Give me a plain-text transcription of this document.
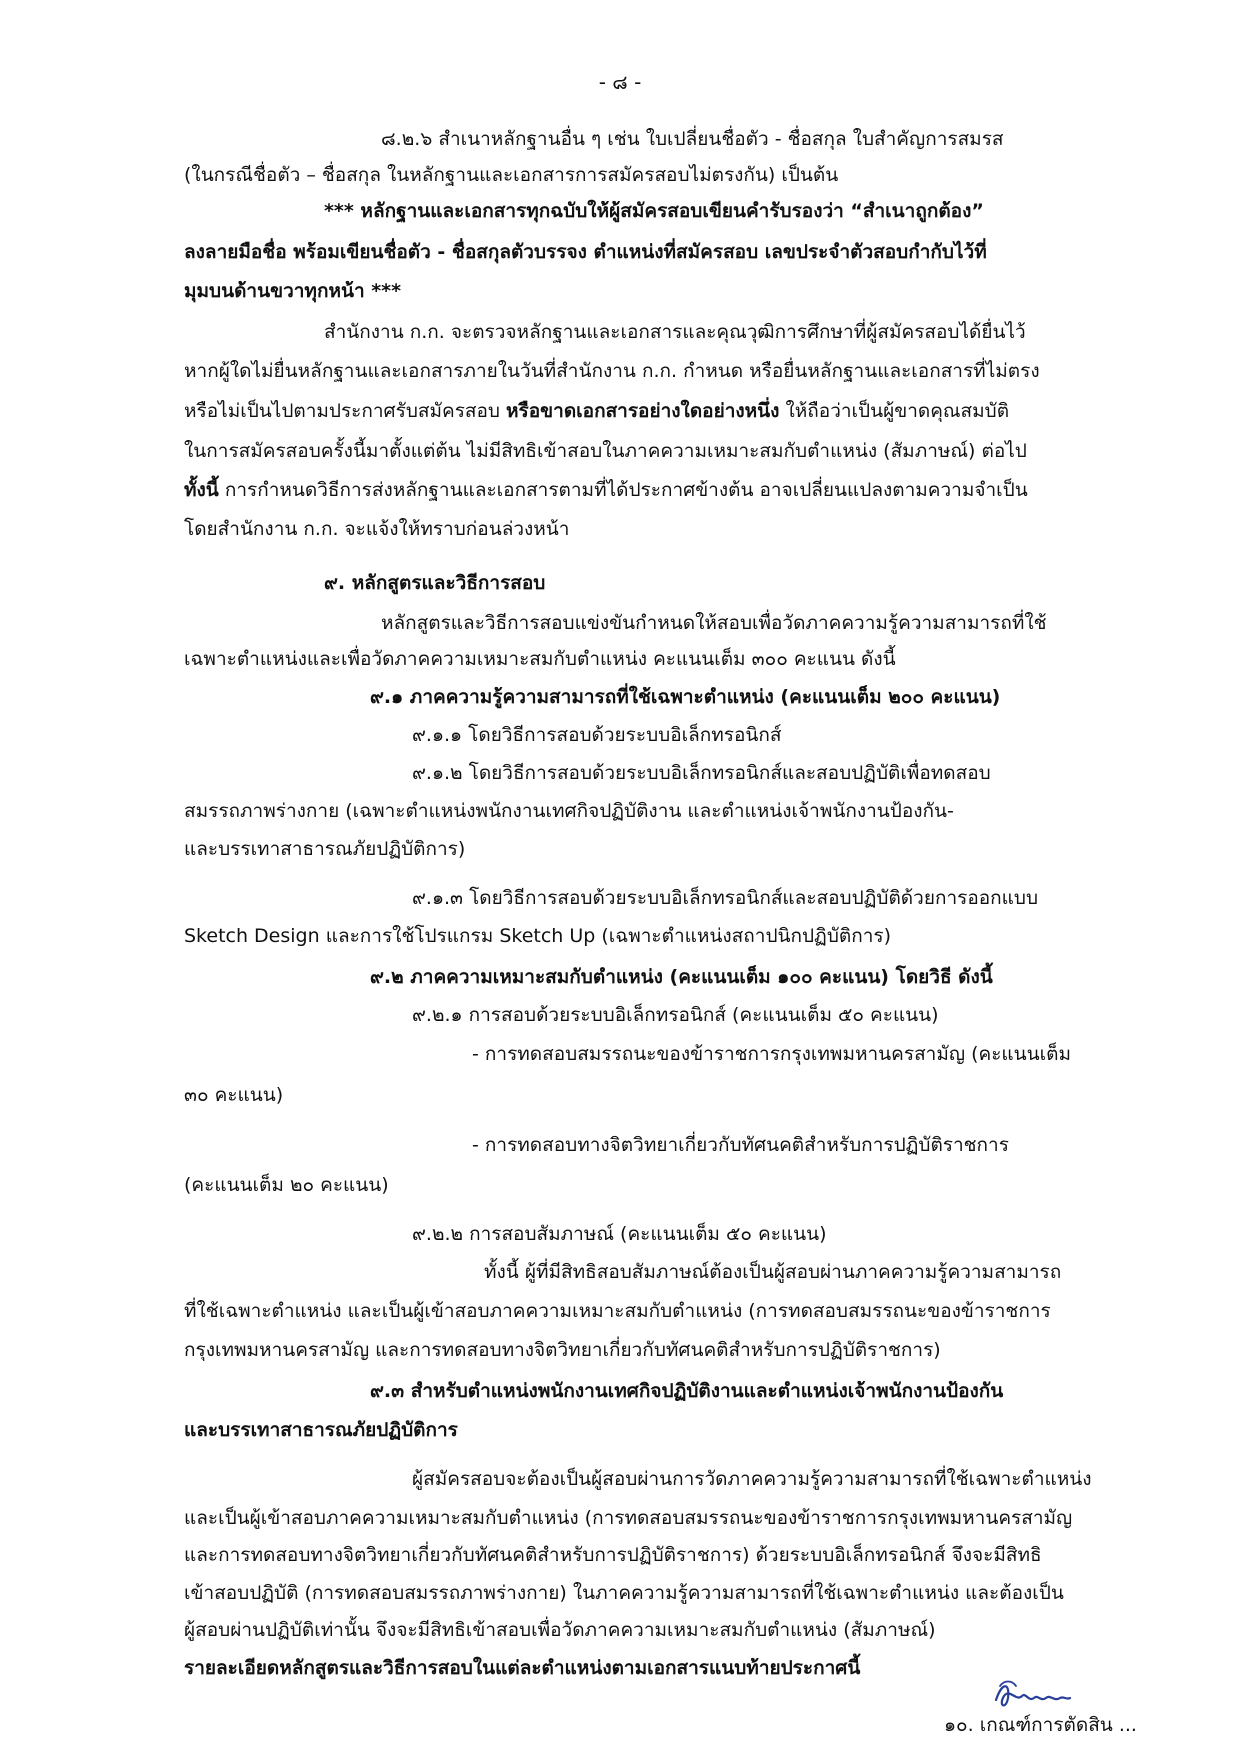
- ๘ -
๘.๒.๖ สำเนาหลักฐานอื่น ๆ เช่น ใบเปลี่ยนชื่อตัว - ชื่อสกุล ใบสำคัญการสมรส
(ในกรณีชื่อตัว – ชื่อสกุล ในหลักฐานและเอกสารการสมัครสอบไม่ตรงกัน) เป็นต้น
*** หลักฐานและเอกสารทุกฉบับให้ผู้สมัครสอบเขียนคำรับรองว่า “สำเนาถูกต้อง”
ลงลายมือชื่อ พร้อมเขียนชื่อตัว - ชื่อสกุลตัวบรรจง ตำแหน่งที่สมัครสอบ เลขประจำตัวสอบกำกับไว้ที่
มุมบนด้านขวาทุกหน้า ***
สำนักงาน ก.ก. จะตรวจหลักฐานและเอกสารและคุณวุฒิการศึกษาที่ผู้สมัครสอบได้ยื่นไว้
หากผู้ใดไม่ยื่นหลักฐานและเอกสารภายในวันที่สำนักงาน ก.ก. กำหนด หรือยื่นหลักฐานและเอกสารที่ไม่ตรง
หรือไม่เป็นไปตามประกาศรับสมัครสอบ หรือขาดเอกสารอย่างใดอย่างหนึ่ง ให้ถือว่าเป็นผู้ขาดคุณสมบัติ
ในการสมัครสอบครั้งนี้มาตั้งแต่ต้น ไม่มีสิทธิเข้าสอบในภาคความเหมาะสมกับตำแหน่ง (สัมภาษณ์) ต่อไป
ทั้งนี้ การกำหนดวิธีการส่งหลักฐานและเอกสารตามที่ได้ประกาศข้างต้น อาจเปลี่ยนแปลงตามความจำเป็น
โดยสำนักงาน ก.ก. จะแจ้งให้ทราบก่อนล่วงหน้า
๙. หลักสูตรและวิธีการสอบ
หลักสูตรและวิธีการสอบแข่งขันกำหนดให้สอบเพื่อวัดภาคความรู้ความสามารถที่ใช้
เฉพาะตำแหน่งและเพื่อวัดภาคความเหมาะสมกับตำแหน่ง คะแนนเต็ม ๓๐๐ คะแนน ดังนี้
๙.๑ ภาคความรู้ความสามารถที่ใช้เฉพาะตำแหน่ง (คะแนนเต็ม ๒๐๐ คะแนน)
๙.๑.๑ โดยวิธีการสอบด้วยระบบอิเล็กทรอนิกส์
๙.๑.๒ โดยวิธีการสอบด้วยระบบอิเล็กทรอนิกส์และสอบปฏิบัติเพื่อทดสอบ
สมรรถภาพร่างกาย (เฉพาะตำแหน่งพนักงานเทศกิจปฏิบัติงาน และตำแหน่งเจ้าพนักงานป้องกัน-
และบรรเทาสาธารณภัยปฏิบัติการ)
๙.๑.๓ โดยวิธีการสอบด้วยระบบอิเล็กทรอนิกส์และสอบปฏิบัติด้วยการออกแบบ
Sketch Design และการใช้โปรแกรม Sketch Up (เฉพาะตำแหน่งสถาปนิกปฏิบัติการ)
๙.๒ ภาคความเหมาะสมกับตำแหน่ง (คะแนนเต็ม ๑๐๐ คะแนน) โดยวิธี ดังนี้
๙.๒.๑ การสอบด้วยระบบอิเล็กทรอนิกส์ (คะแนนเต็ม ๕๐ คะแนน)
- การทดสอบสมรรถนะของข้าราชการกรุงเทพมหานครสามัญ (คะแนนเต็ม
๓๐ คะแนน)
- การทดสอบทางจิตวิทยาเกี่ยวกับทัศนคติสำหรับการปฏิบัติราชการ
(คะแนนเต็ม ๒๐ คะแนน)
๙.๒.๒ การสอบสัมภาษณ์ (คะแนนเต็ม ๕๐ คะแนน)
ทั้งนี้ ผู้ที่มีสิทธิสอบสัมภาษณ์ต้องเป็นผู้สอบผ่านภาคความรู้ความสามารถ
ที่ใช้เฉพาะตำแหน่ง และเป็นผู้เข้าสอบภาคความเหมาะสมกับตำแหน่ง (การทดสอบสมรรถนะของข้าราชการ
กรุงเทพมหานครสามัญ และการทดสอบทางจิตวิทยาเกี่ยวกับทัศนคติสำหรับการปฏิบัติราชการ)
๙.๓ สำหรับตำแหน่งพนักงานเทศกิจปฏิบัติงานและตำแหน่งเจ้าพนักงานป้องกัน
และบรรเทาสาธารณภัยปฏิบัติการ
ผู้สมัครสอบจะต้องเป็นผู้สอบผ่านการวัดภาคความรู้ความสามารถที่ใช้เฉพาะตำแหน่ง
และเป็นผู้เข้าสอบภาคความเหมาะสมกับตำแหน่ง (การทดสอบสมรรถนะของข้าราชการกรุงเทพมหานครสามัญ
และการทดสอบทางจิตวิทยาเกี่ยวกับทัศนคติสำหรับการปฏิบัติราชการ) ด้วยระบบอิเล็กทรอนิกส์ จึงจะมีสิทธิ
เข้าสอบปฏิบัติ (การทดสอบสมรรถภาพร่างกาย) ในภาคความรู้ความสามารถที่ใช้เฉพาะตำแหน่ง และต้องเป็น
ผู้สอบผ่านปฏิบัติเท่านั้น จึงจะมีสิทธิเข้าสอบเพื่อวัดภาคความเหมาะสมกับตำแหน่ง (สัมภาษณ์)
รายละเอียดหลักสูตรและวิธีการสอบในแต่ละตำแหน่งตามเอกสารแนบท้ายประกาศนี้
๑๐. เกณฑ์การตัดสิน ...
